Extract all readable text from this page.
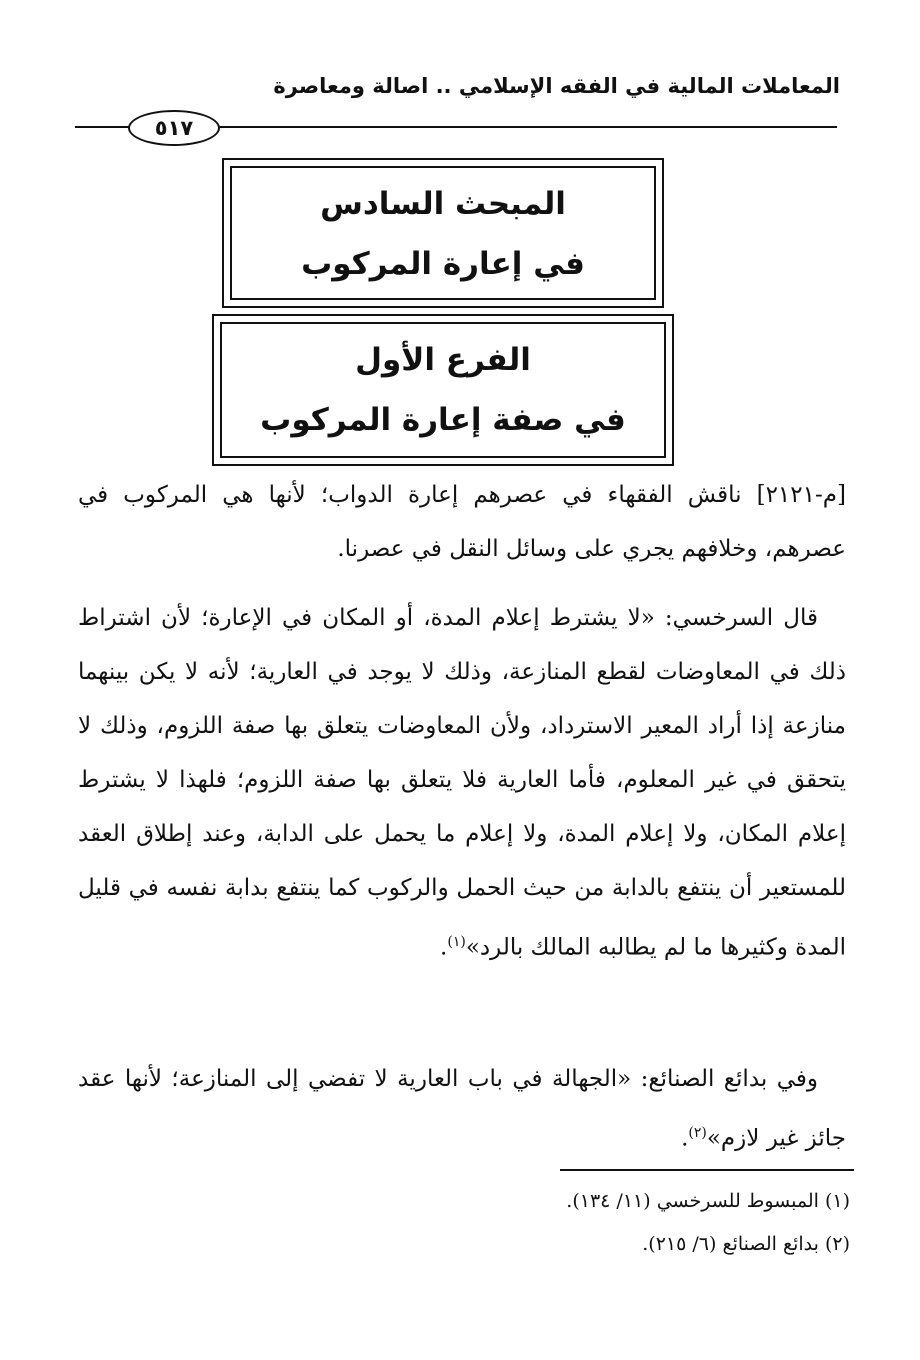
المعاملات المالية في الفقه الإسلامي .. اصالة ومعاصرة
٥١٧
المبحث السادس
في إعارة المركوب
الفرع الأول
في صفة إعارة المركوب
[م-٢١٢١] ناقش الفقهاء في عصرهم إعارة الدواب؛ لأنها هي المركوب في عصرهم، وخلافهم يجري على وسائل النقل في عصرنا.
قال السرخسي: «لا يشترط إعلام المدة، أو المكان في الإعارة؛ لأن اشتراط ذلك في المعاوضات لقطع المنازعة، وذلك لا يوجد في العارية؛ لأنه لا يكن بينهما منازعة إذا أراد المعير الاسترداد، ولأن المعاوضات يتعلق بها صفة اللزوم، وذلك لا يتحقق في غير المعلوم، فأما العارية فلا يتعلق بها صفة اللزوم؛ فلهذا لا يشترط إعلام المكان، ولا إعلام المدة، ولا إعلام ما يحمل على الدابة، وعند إطلاق العقد للمستعير أن ينتفع بالدابة من حيث الحمل والركوب كما ينتفع بدابة نفسه في قليل المدة وكثيرها ما لم يطالبه المالك بالرد»$^{(١)}$.
وفي بدائع الصنائع: «الجهالة في باب العارية لا تفضي إلى المنازعة؛ لأنها عقد جائز غير لازم»$^{(٢)}$.
(١) المبسوط للسرخسي (١١/ ١٣٤).
(٢) بدائع الصنائع (٦/ ٢١٥).
